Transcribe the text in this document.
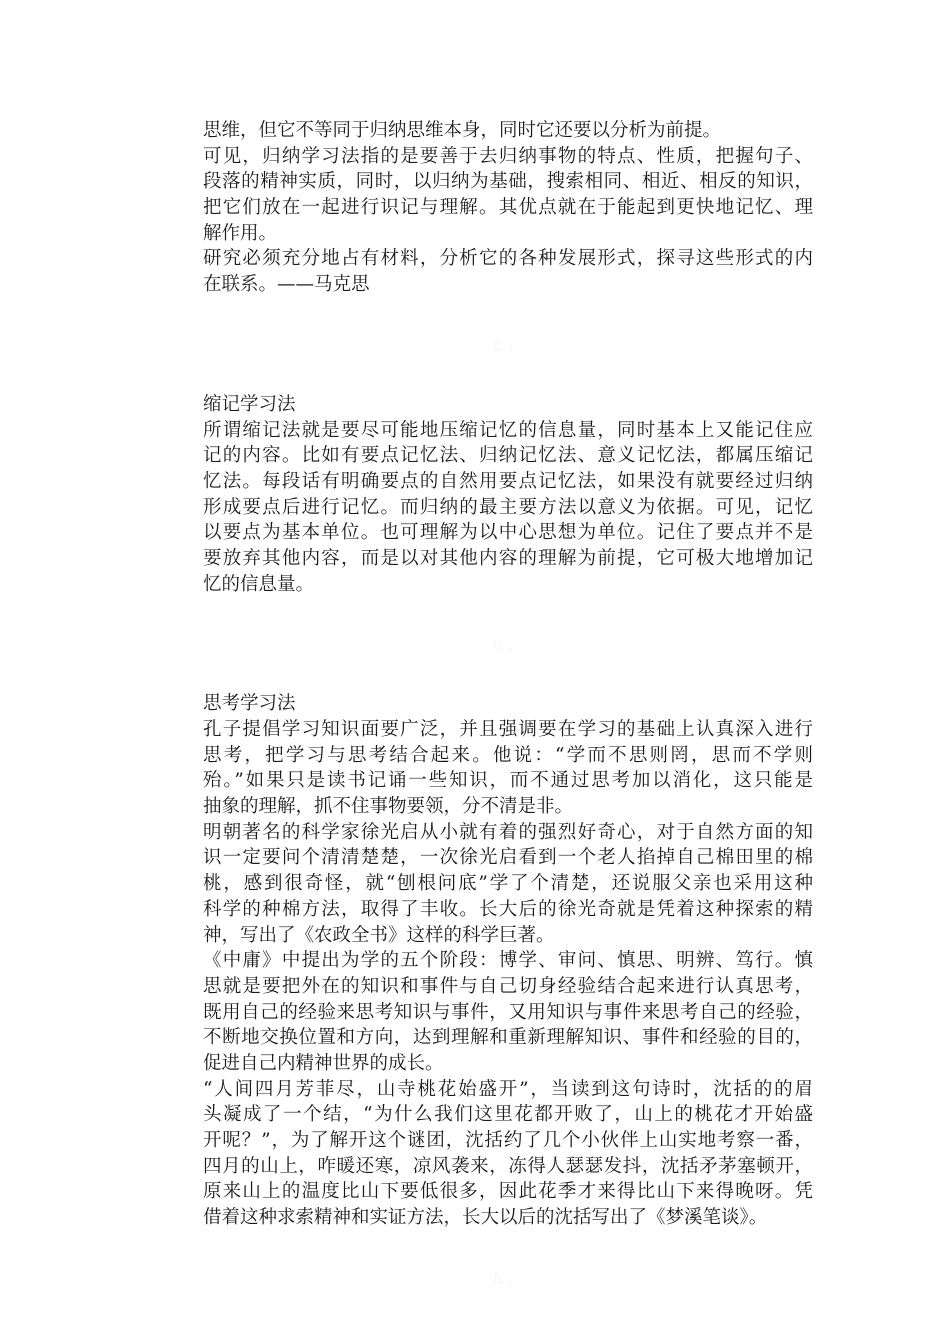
思维，但它不等同于归纳思维本身，同时它还要以分析为前提。
可见，归纳学习法指的是要善于去归纳事物的特点、性质，把握句子、
段落的精神实质，同时，以归纳为基础，搜索相同、相近、相反的知识，
把它们放在一起进行识记与理解。其优点就在于能起到更快地记忆、理
解作用。
研究必须充分地占有材料，分析它的各种发展形式，探寻这些形式的内
在联系。——马克思
七、
缩记学习法
所谓缩记法就是要尽可能地压缩记忆的信息量，同时基本上又能记住应
记的内容。比如有要点记忆法、归纳记忆法、意义记忆法，都属压缩记
忆法。每段话有明确要点的自然用要点记忆法，如果没有就要经过归纳
形成要点后进行记忆。而归纳的最主要方法以意义为依据。可见，记忆
以要点为基本单位。也可理解为以中心思想为单位。记住了要点并不是
要放弃其他内容，而是以对其他内容的理解为前提，它可极大地增加记
忆的信息量。
八、
思考学习法
孔子提倡学习知识面要广泛，并且强调要在学习的基础上认真深入进行
思考，把学习与思考结合起来。他说：“学而不思则罔，思而不学则
殆。”如果只是读书记诵一些知识，而不通过思考加以消化，这只能是
抽象的理解，抓不住事物要领，分不清是非。
明朝著名的科学家徐光启从小就有着的强烈好奇心，对于自然方面的知
识一定要问个清清楚楚，一次徐光启看到一个老人掐掉自己棉田里的棉
桃，感到很奇怪，就“刨根问底”学了个清楚，还说服父亲也采用这种
科学的种棉方法，取得了丰收。长大后的徐光奇就是凭着这种探索的精
神，写出了《农政全书》这样的科学巨著。
《中庸》中提出为学的五个阶段：博学、审问、慎思、明辨、笃行。慎
思就是要把外在的知识和事件与自己切身经验结合起来进行认真思考，
既用自己的经验来思考知识与事件，又用知识与事件来思考自己的经验，
不断地交换位置和方向，达到理解和重新理解知识、事件和经验的目的，
促进自己内精神世界的成长。
“人间四月芳菲尽，山寺桃花始盛开”，当读到这句诗时，沈括的的眉
头凝成了一个结，“为什么我们这里花都开败了，山上的桃花才开始盛
开呢？”，为了解开这个谜团，沈括约了几个小伙伴上山实地考察一番，
四月的山上，咋暖还寒，凉风袭来，冻得人瑟瑟发抖，沈括矛茅塞顿开，
原来山上的温度比山下要低很多，因此花季才来得比山下来得晚呀。凭
借着这种求索精神和实证方法，长大以后的沈括写出了《梦溪笔谈》。
九、
